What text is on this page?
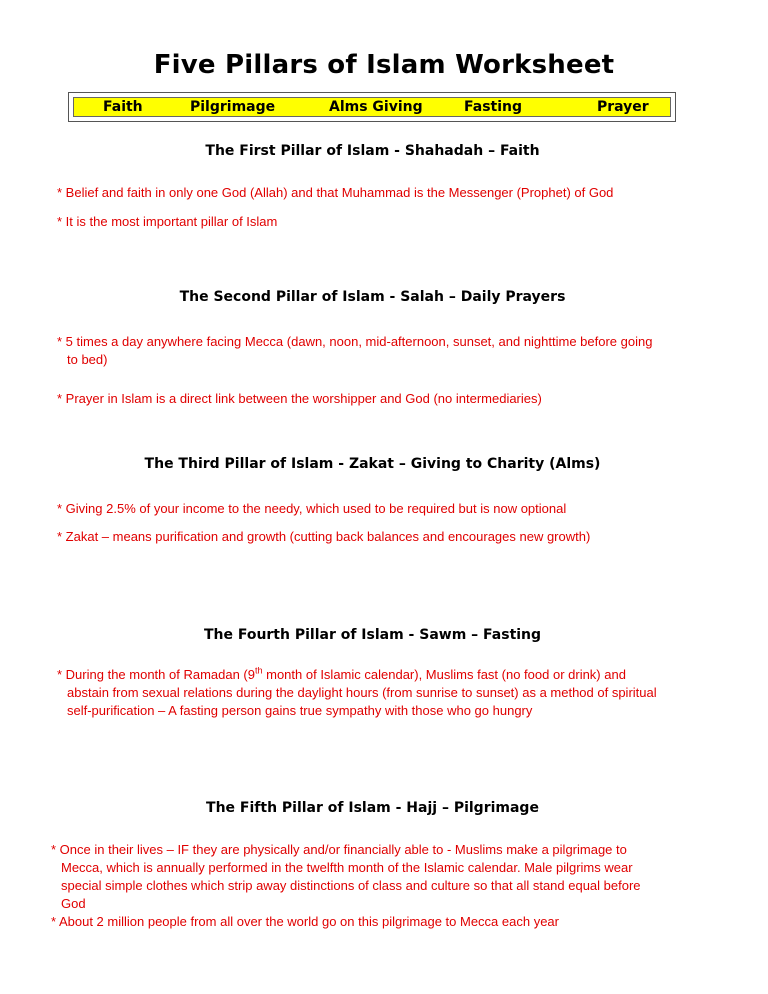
Five Pillars of Islam Worksheet
Faith	Pilgrimage	Alms Giving	Fasting	Prayer
The First Pillar of Islam - Shahadah – Faith
* Belief and faith in only one God (Allah) and that Muhammad is the Messenger (Prophet) of God
* It is the most important pillar of Islam
The Second Pillar of Islam - Salah – Daily Prayers
* 5 times a day anywhere facing Mecca (dawn, noon, mid-afternoon, sunset, and nighttime before going
to bed)
* Prayer in Islam is a direct link between the worshipper and God (no intermediaries)
The Third Pillar of Islam - Zakat – Giving to Charity (Alms)
* Giving 2.5% of your income to the needy, which used to be required but is now optional
* Zakat – means purification and growth (cutting back balances and encourages new growth)
The Fourth Pillar of Islam - Sawm – Fasting
* During the month of Ramadan (9th month of Islamic calendar), Muslims fast (no food or drink) and
abstain from sexual relations during the daylight hours (from sunrise to sunset) as a method of spiritual
self-purification – A fasting person gains true sympathy with those who go hungry
The Fifth Pillar of Islam - Hajj – Pilgrimage
* Once in their lives – IF they are physically and/or financially able to - Muslims make a pilgrimage to
Mecca, which is annually performed in the twelfth month of the Islamic calendar. Male pilgrims wear
special simple clothes which strip away distinctions of class and culture so that all stand equal before
God
* About 2 million people from all over the world go on this pilgrimage to Mecca each year
